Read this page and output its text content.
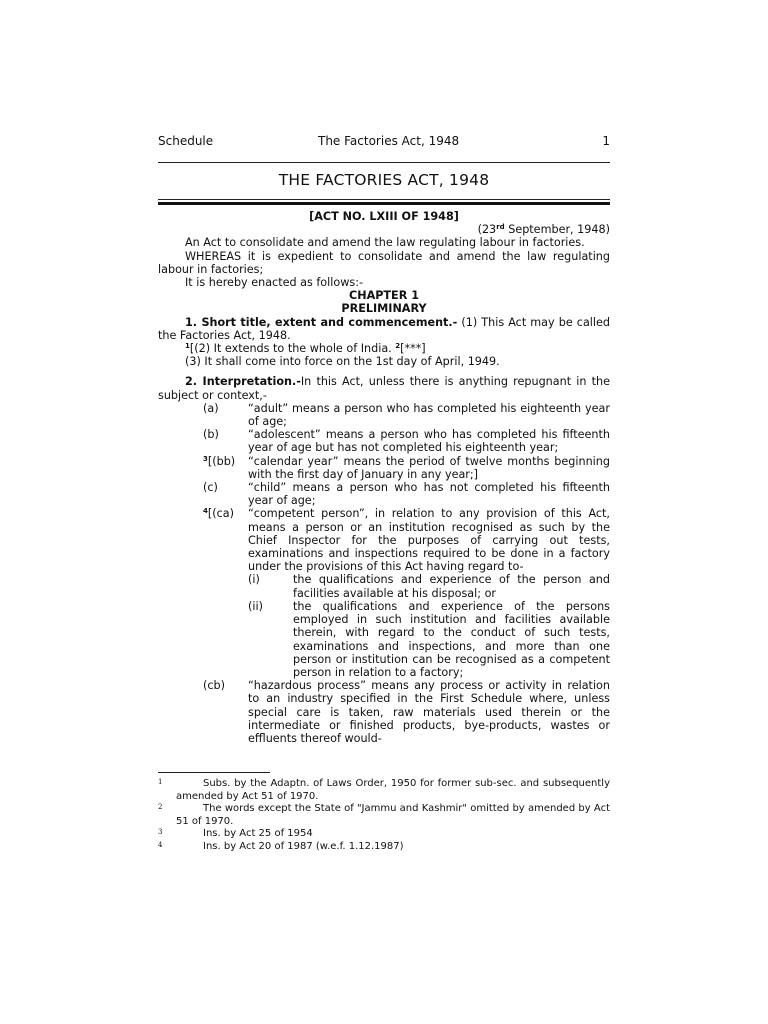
Schedule	The Factories Act, 1948	1
THE FACTORIES ACT, 1948
[ACT NO. LXIII OF 1948]
(23rd September, 1948)
An Act to consolidate and amend the law regulating labour in factories.
WHEREAS it is expedient to consolidate and amend the law regulating labour in factories;
It is hereby enacted as follows:-
CHAPTER 1
PRELIMINARY
1. Short title, extent and commencement.- (1) This Act may be called the Factories Act, 1948.
$^1$[(2) It extends to the whole of India. $^2$[***]
(3) It shall come into force on the 1st day of April, 1949.
2. Interpretation.-In this Act, unless there is anything repugnant in the subject or context,-
(a)	“adult” means a person who has completed his eighteenth year of age;
(b)	“adolescent” means a person who has completed his fifteenth year of age but has not completed his eighteenth year;
$^3$[(bb) “calendar year” means the period of twelve months beginning with the first day of January in any year;]
(c)	“child” means a person who has not completed his fifteenth year of age;
$^4$[(ca) “competent person”, in relation to any provision of this Act, means a person or an institution recognised as such by the Chief Inspector for the purposes of carrying out tests, examinations and inspections required to be done in a factory under the provisions of this Act having regard to-
(i)	the qualifications and experience of the person and facilities available at his disposal; or
(ii)	the qualifications and experience of the persons employed in such institution and facilities available therein, with regard to the conduct of such tests, examinations and inspections, and more than one person or institution can be recognised as a competent person in relation to a factory;
(cb) “hazardous process” means any process or activity in relation to an industry specified in the First Schedule where, unless special care is taken, raw materials used therein or the intermediate or finished products, bye-products, wastes or effluents thereof would-
1	Subs. by the Adaptn. of Laws Order, 1950 for former sub-sec. and subsequently amended by Act 51 of 1970.
2	The words except the State of "Jammu and Kashmir" omitted by amended by Act 51 of 1970.
3	Ins. by Act 25 of 1954
4	Ins. by Act 20 of 1987 (w.e.f. 1.12.1987)
